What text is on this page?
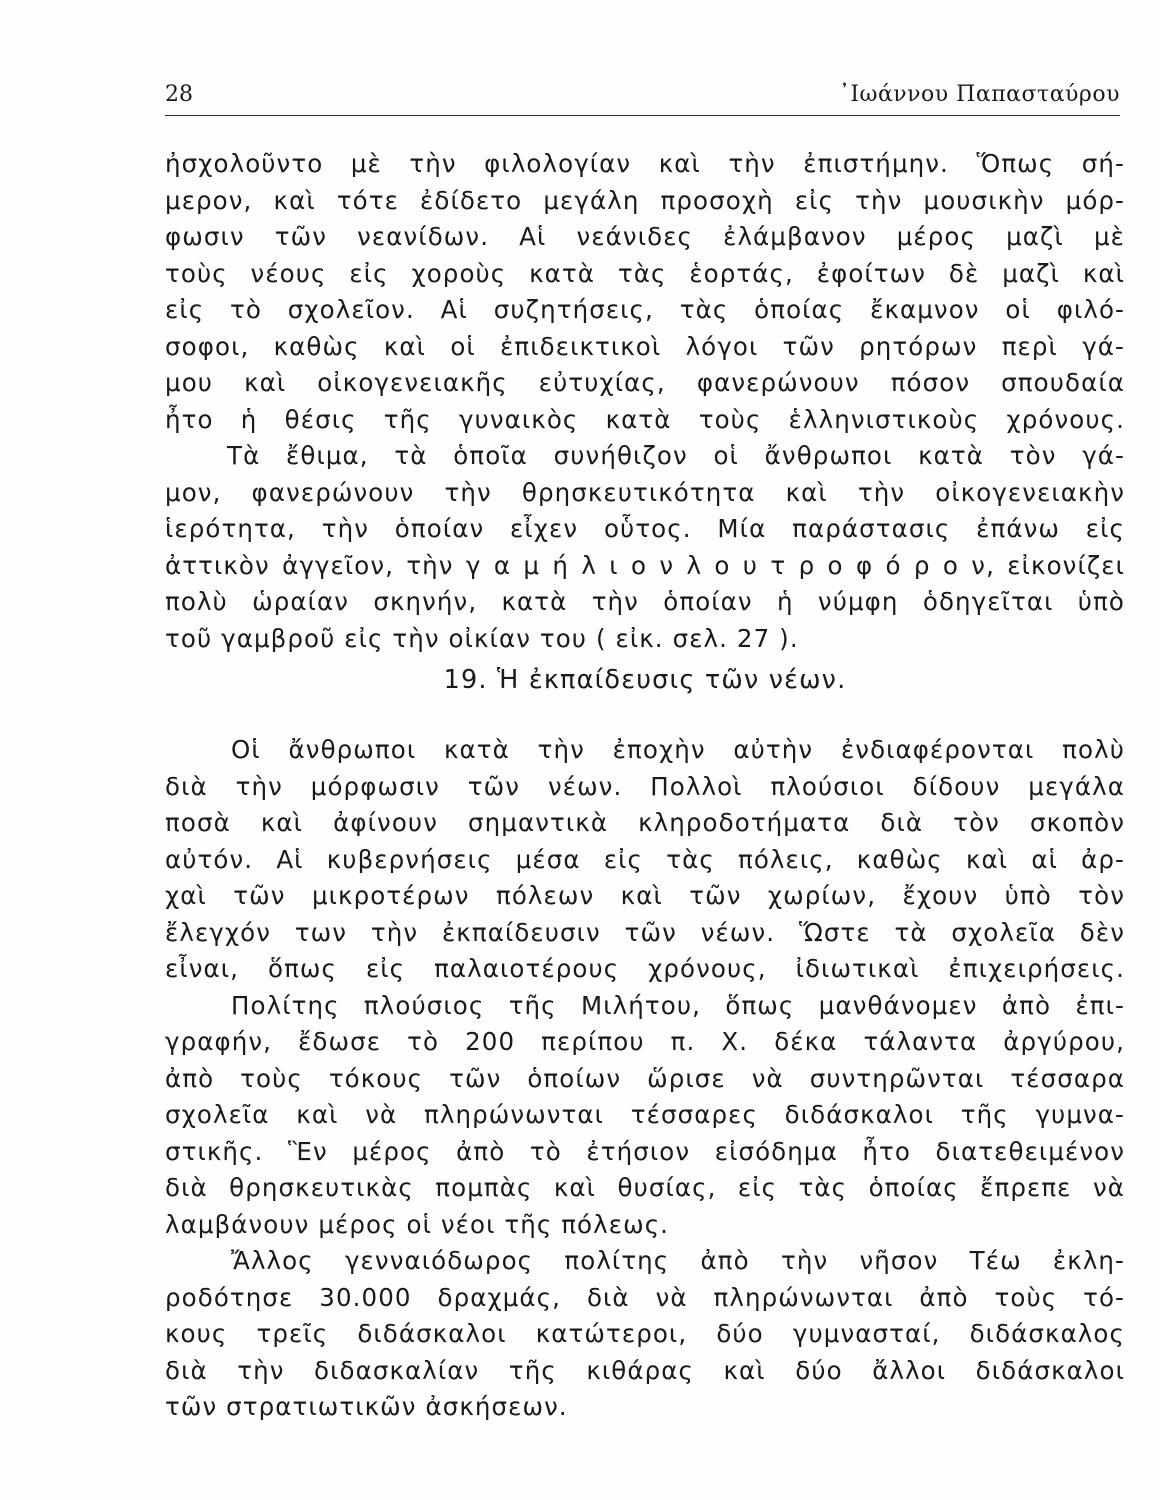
28	᾿Ιωάννου Παπασταύρου
ἠσχολοῦντο μὲ τὴν φιλολογίαν καὶ τὴν ἐπιστήμην. Ὅπως σή-
μερον, καὶ τότε ἐδίδετο μεγάλη προσοχὴ εἰς τὴν μουσικὴν μόρ-
φωσιν τῶν νεανίδων. Αἱ νεάνιδες ἐλάμβανον μέρος μαζὶ μὲ
τοὺς νέους εἰς χοροὺς κατὰ τὰς ἑορτάς, ἐφοίτων δὲ μαζὶ καὶ
εἰς τὸ σχολεῖον. Αἱ συζητήσεις, τὰς ὁποίας ἔκαμνον οἱ φιλό-
σοφοι, καθὼς καὶ οἱ ἐπιδεικτικοὶ λόγοι τῶν ρητόρων περὶ γά-
μου καὶ οἰκογενειακῆς εὐτυχίας, φανερώνουν πόσον σπουδαία
ἦτο ἡ θέσις τῆς γυναικὸς κατὰ τοὺς ἑλληνιστικοὺς χρόνους.
Τὰ ἔθιμα, τὰ ὁποῖα συνήθιζον οἱ ἄνθρωποι κατὰ τὸν γά-
μον, φανερώνουν τὴν θρησκευτικότητα καὶ τὴν οἰκογενειακὴν
ἱερότητα, τὴν ὁποίαν εἶχεν οὗτος. Μία παράστασις ἐπάνω εἰς
ἀττικὸν ἀγγεῖον, τὴν γ α μ ή λ ι ο ν λ ο υ τ ρ ο φ ό ρ ο ν, εἰκονίζει
πολὺ ὡραίαν σκηνήν, κατὰ τὴν ὁποίαν ἡ νύμφη ὁδηγεῖται ὑπὸ
τοῦ γαμβροῦ εἰς τὴν οἰκίαν του ( εἰκ. σελ. 27 ).
19. Ἡ ἐκπαίδευσις τῶν νέων.
Οἱ ἄνθρωποι κατὰ τὴν ἐποχὴν αὐτὴν ἐνδιαφέρονται πολὺ
διὰ τὴν μόρφωσιν τῶν νέων. Πολλοὶ πλούσιοι δίδουν μεγάλα
ποσὰ καὶ ἀφίνουν σημαντικὰ κληροδοτήματα διὰ τὸν σκοπὸν
αὐτόν. Αἱ κυβερνήσεις μέσα εἰς τὰς πόλεις, καθὼς καὶ αἱ ἀρ-
χαὶ τῶν μικροτέρων πόλεων καὶ τῶν χωρίων, ἔχουν ὑπὸ τὸν
ἔλεγχόν των τὴν ἐκπαίδευσιν τῶν νέων. Ὥστε τὰ σχολεῖα δὲν
εἶναι, ὅπως εἰς παλαιοτέρους χρόνους, ἰδιωτικαὶ ἐπιχειρήσεις.
Πολίτης πλούσιος τῆς Μιλήτου, ὅπως μανθάνομεν ἀπὸ ἐπι-
γραφήν, ἔδωσε τὸ 200 περίπου π. Χ. δέκα τάλαντα ἀργύρου,
ἀπὸ τοὺς τόκους τῶν ὁποίων ὥρισε νὰ συντηρῶνται τέσσαρα
σχολεῖα καὶ νὰ πληρώνωνται τέσσαρες διδάσκαλοι τῆς γυμνα-
στικῆς. Ἓν μέρος ἀπὸ τὸ ἐτήσιον εἰσόδημα ἦτο διατεθειμένον
διὰ θρησκευτικὰς πομπὰς καὶ θυσίας, εἰς τὰς ὁποίας ἔπρεπε νὰ
λαμβάνουν μέρος οἱ νέοι τῆς πόλεως.
Ἄλλος γενναιόδωρος πολίτης ἀπὸ τὴν νῆσον Τέω ἐκλη-
ροδότησε 30.000 δραχμάς, διὰ νὰ πληρώνωνται ἀπὸ τοὺς τό-
κους τρεῖς διδάσκαλοι κατώτεροι, δύο γυμνασταί, διδάσκαλος
διὰ τὴν διδασκαλίαν τῆς κιθάρας καὶ δύο ἄλλοι διδάσκαλοι
τῶν στρατιωτικῶν ἀσκήσεων.
